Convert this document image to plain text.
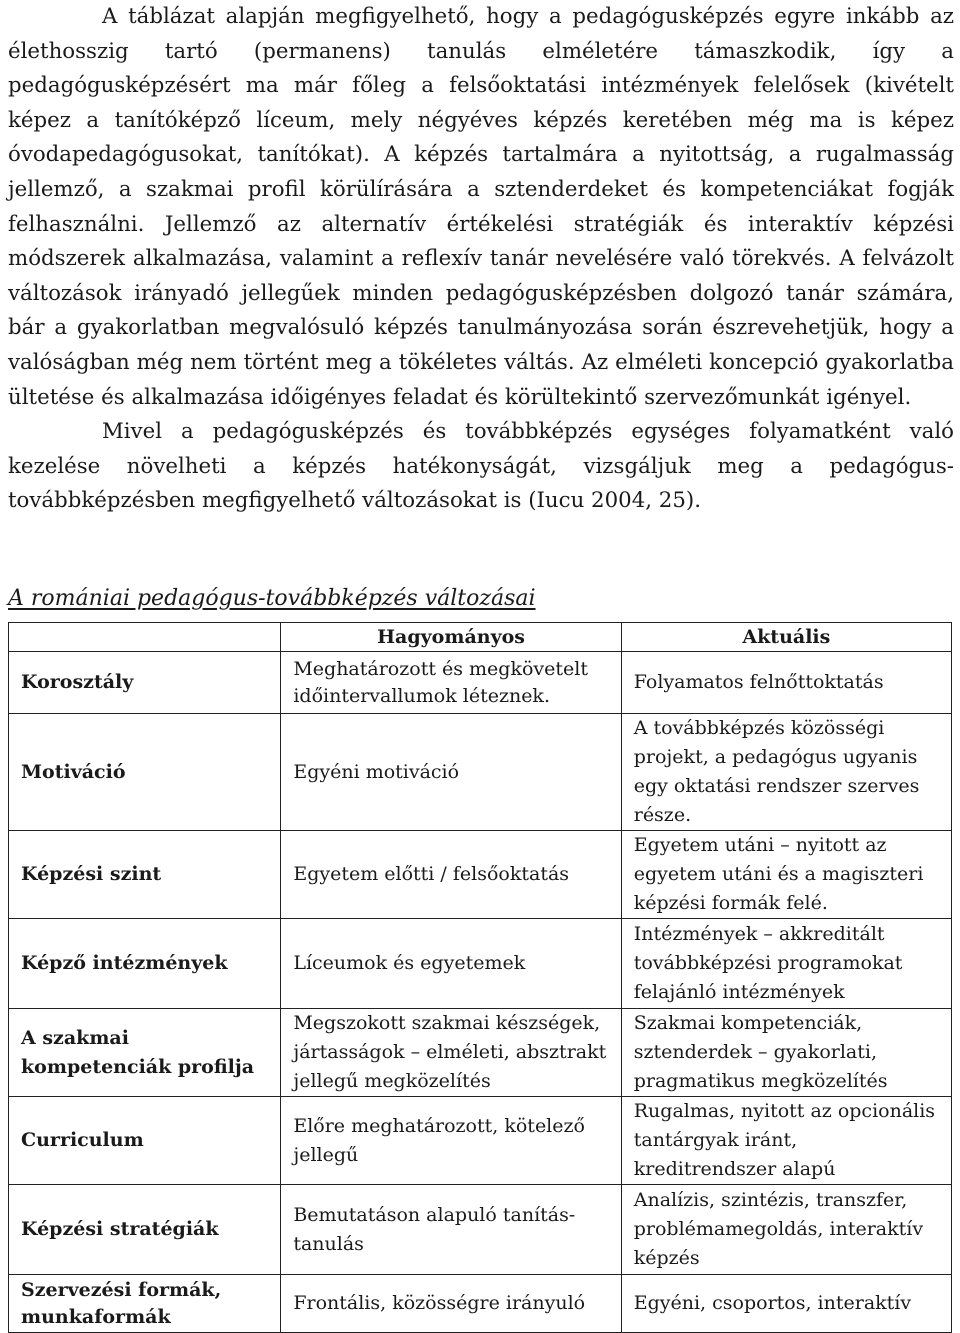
A táblázat alapján megfigyelhető, hogy a pedagógusképzés egyre inkább az élethosszig tartó (permanens) tanulás elméletére támaszkodik, így a pedagógusképzésért ma már főleg a felsőoktatási intézmények felelősek (kivételt képez a tanítóképző líceum, mely négyéves képzés keretében még ma is képez óvodapedagógusokat, tanítókat). A képzés tartalmára a nyitottság, a rugalmasság jellemző, a szakmai profil körülírására a sztenderdeket és kompetenciákat fogják felhasználni. Jellemző az alternatív értékelési stratégiák és interaktív képzési módszerek alkalmazása, valamint a reflexív tanár nevelésére való törekvés. A felvázolt változások irányadó jellegűek minden pedagógusképzésben dolgozó tanár számára, bár a gyakorlatban megvalósuló képzés tanulmányozása során észrevehetjük, hogy a valóságban még nem történt meg a tökéletes váltás. Az elméleti koncepció gyakorlatba ültetése és alkalmazása időigényes feladat és körültekintő szervezőmunkát igényel.

Mivel a pedagógusképzés és továbbképzés egységes folyamatként való kezelése növelheti a képzés hatékonyságát, vizsgáljuk meg a pedagógus-továbbképzésben megfigyelhető változásokat is (Iucu 2004, 25).

A romániai pedagógus-továbbképzés változásai

	Hagyományos	Aktuális
Korosztály	Meghatározott és megkövetelt időintervallumok léteznek.	Folyamatos felnőttoktatás
Motiváció	Egyéni motiváció	A továbbképzés közösségi projekt, a pedagógus ugyanis egy oktatási rendszer szerves része.
Képzési szint	Egyetem előtti / felsőoktatás	Egyetem utáni – nyitott az egyetem utáni és a magiszteri képzési formák felé.
Képző intézmények	Líceumok és egyetemek	Intézmények – akkreditált továbbképzési programokat felajánló intézmények
A szakmai kompetenciák profilja	Megszokott szakmai készségek, jártasságok – elméleti, absztrakt jellegű megközelítés	Szakmai kompetenciák, sztenderdek – gyakorlati, pragmatikus megközelítés
Curriculum	Előre meghatározott, kötelező jellegű	Rugalmas, nyitott az opcionális tantárgyak iránt, kreditrendszer alapú
Képzési stratégiák	Bemutatáson alapuló tanítás-tanulás	Analízis, szintézis, transzfer, problémamegoldás, interaktív képzés
Szervezési formák, munkaformák	Frontális, közösségre irányuló	Egyéni, csoportos, interaktív
